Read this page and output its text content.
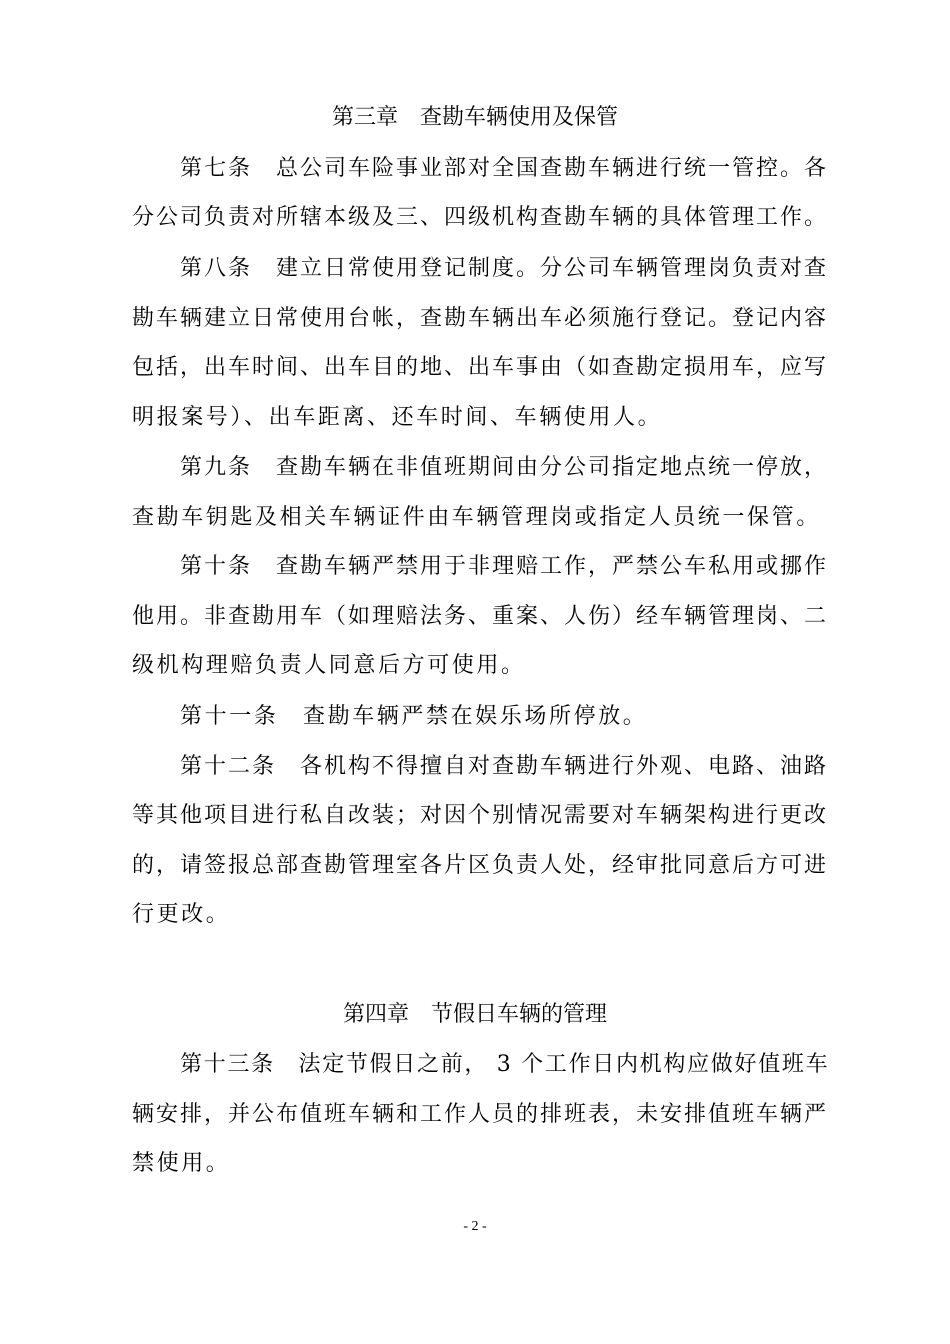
第三章　查勘车辆使用及保管
第七条　总公司车险事业部对全国查勘车辆进行统一管控。各
分公司负责对所辖本级及三、四级机构查勘车辆的具体管理工作。
第八条　建立日常使用登记制度。分公司车辆管理岗负责对查
勘车辆建立日常使用台帐，查勘车辆出车必须施行登记。登记内容
包括，出车时间、出车目的地、出车事由（如查勘定损用车，应写
明报案号）、出车距离、还车时间、车辆使用人。
第九条　查勘车辆在非值班期间由分公司指定地点统一停放，
查勘车钥匙及相关车辆证件由车辆管理岗或指定人员统一保管。
第十条　查勘车辆严禁用于非理赔工作，严禁公车私用或挪作
他用。非查勘用车（如理赔法务、重案、人伤）经车辆管理岗、二
级机构理赔负责人同意后方可使用。
第十一条　查勘车辆严禁在娱乐场所停放。
第十二条　各机构不得擅自对查勘车辆进行外观、电路、油路
等其他项目进行私自改装；对因个别情况需要对车辆架构进行更改
的，请签报总部查勘管理室各片区负责人处，经审批同意后方可进
行更改。
第四章　节假日车辆的管理
第十三条　法定节假日之前， 3 个工作日内机构应做好值班车
辆安排，并公布值班车辆和工作人员的排班表，未安排值班车辆严
禁使用。
- 2 -
